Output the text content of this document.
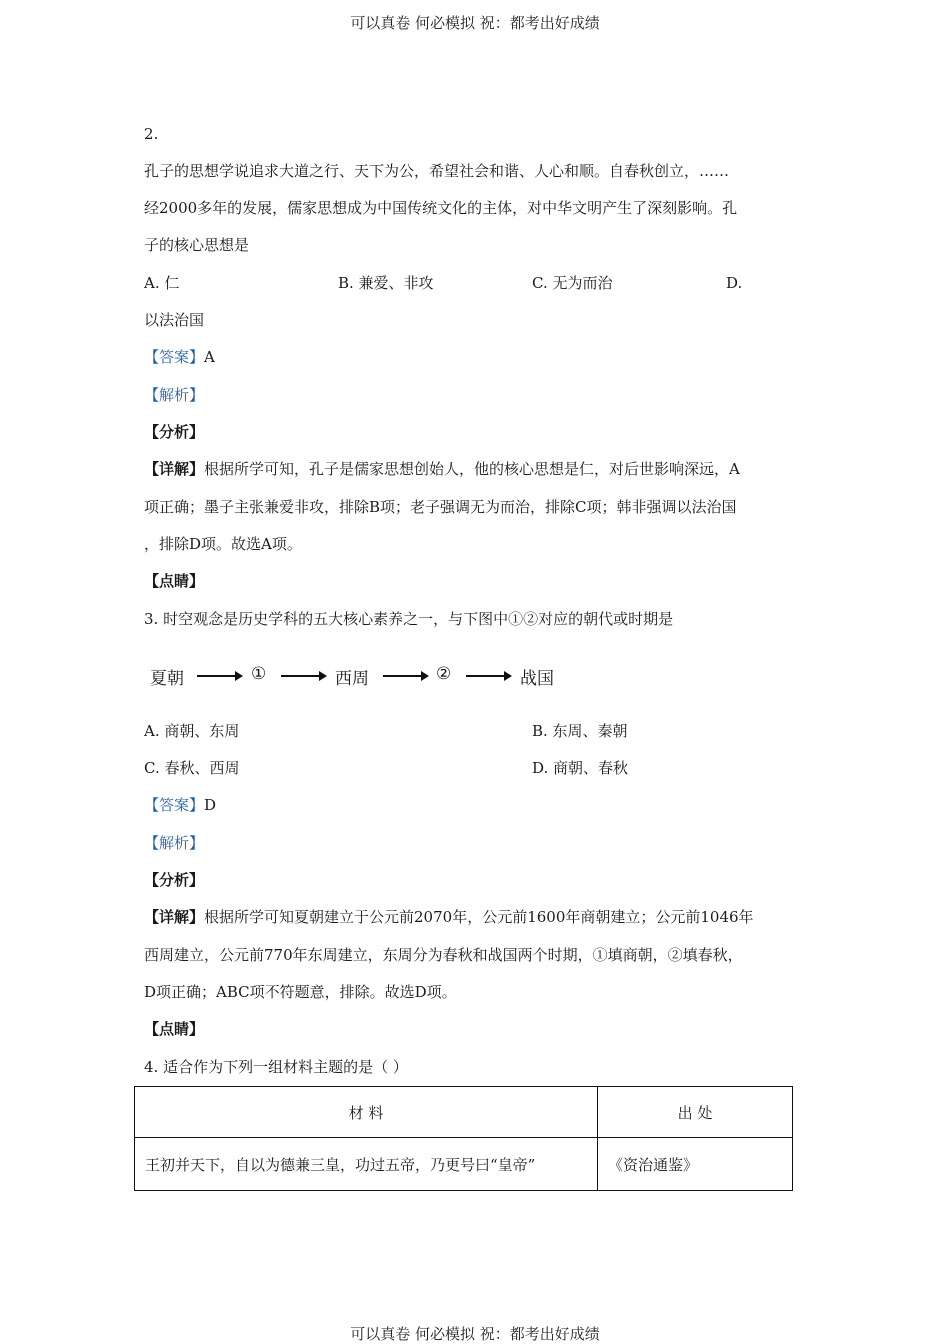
可以真卷 何必模拟 祝：都考出好成绩
2.
孔子的思想学说追求大道之行、天下为公，希望社会和谐、人心和顺。自春秋创立，……
经2000多年的发展，儒家思想成为中国传统文化的主体，对中华文明产生了深刻影响。孔
子的核心思想是
A. 仁	B. 兼爱、非攻	C. 无为而治	D.
以法治国
【答案】A
【解析】
【分析】
【详解】根据所学可知，孔子是儒家思想创始人，他的核心思想是仁，对后世影响深远，A
项正确；墨子主张兼爱非攻，排除B项；老子强调无为而治，排除C项；韩非强调以法治国
，排除D项。故选A项。
【点睛】
3. 时空观念是历史学科的五大核心素养之一，与下图中①②对应的朝代或时期是
夏朝	①	西周	②	战国
A. 商朝、东周	B. 东周、秦朝
C. 春秋、西周	D. 商朝、春秋
【答案】D
【解析】
【分析】
【详解】根据所学可知夏朝建立于公元前2070年，公元前1600年商朝建立；公元前1046年
西周建立，公元前770年东周建立，东周分为春秋和战国两个时期，①填商朝，②填春秋，
D项正确；ABC项不符题意，排除。故选D项。
【点睛】
4. 适合作为下列一组材料主题的是（ ）
材 料	出 处
王初并天下，自以为德兼三皇，功过五帝，乃更号曰“皇帝”	《资治通鉴》
可以真卷 何必模拟 祝：都考出好成绩
